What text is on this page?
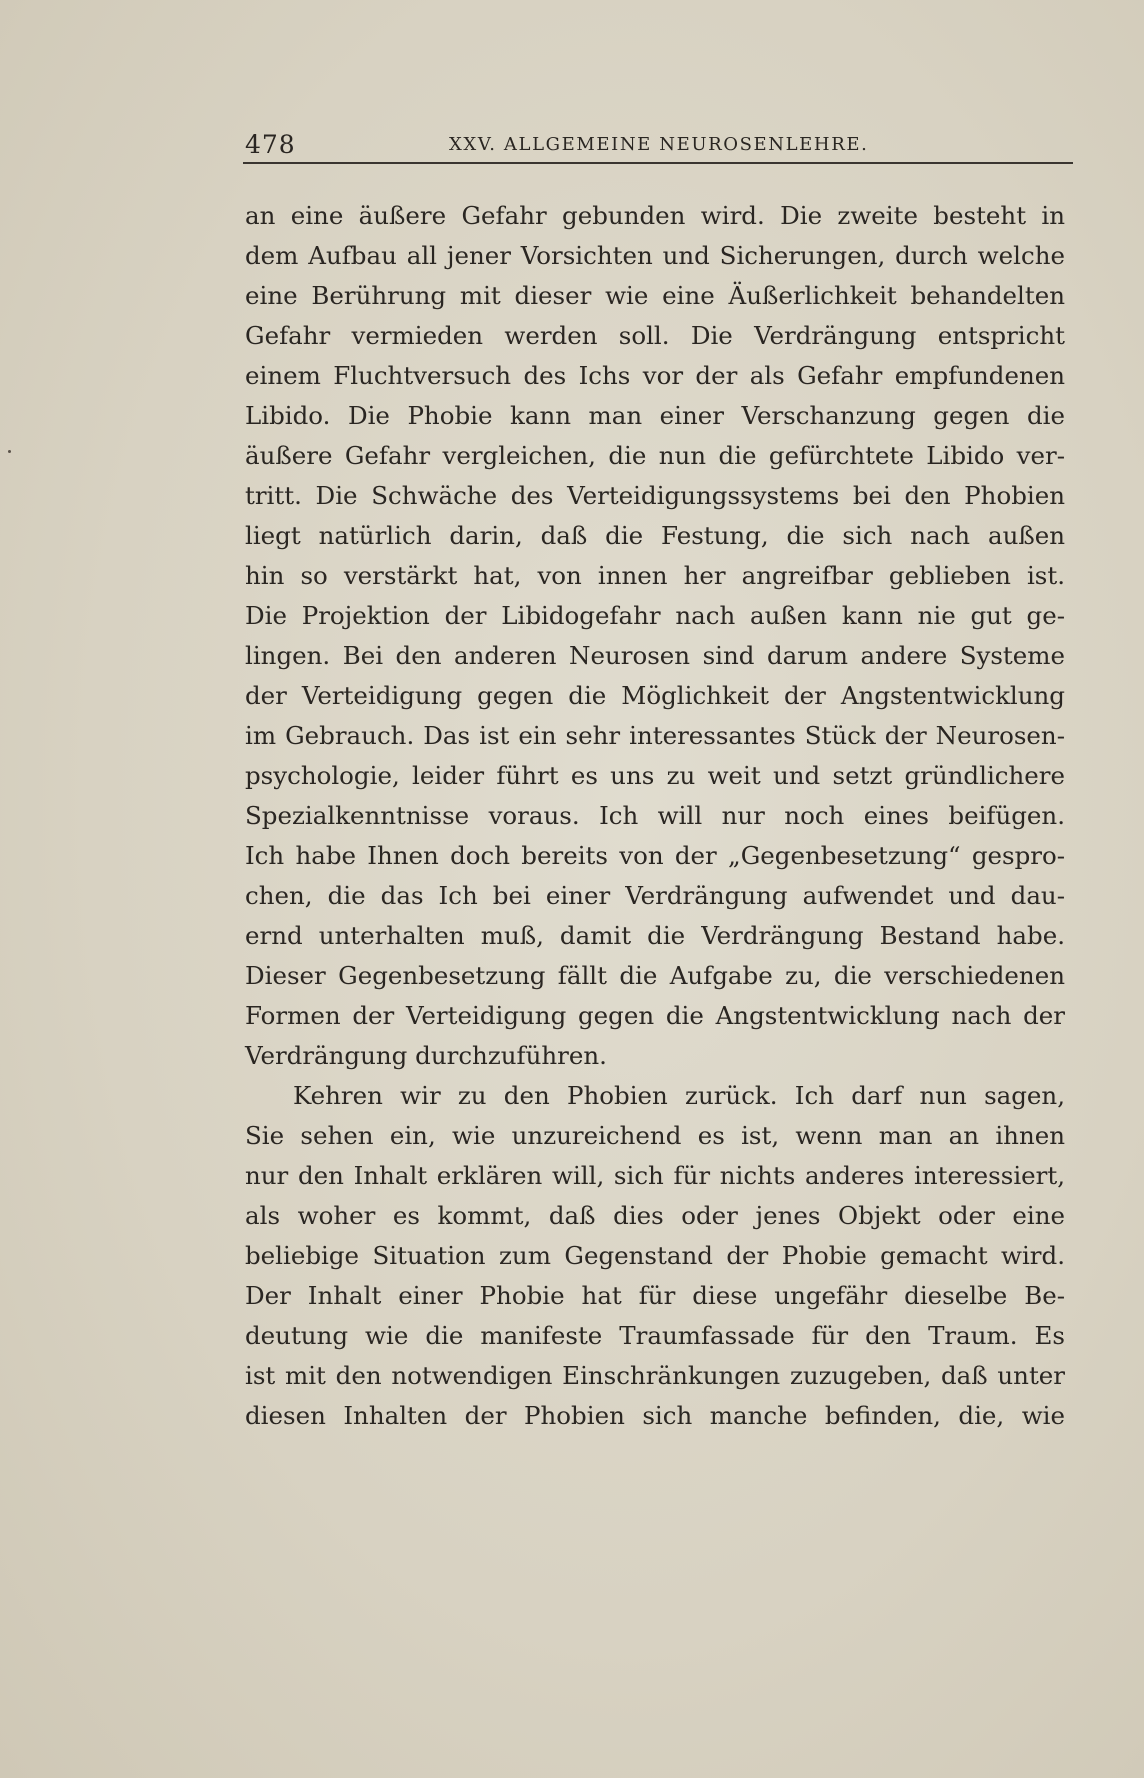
478	XXV. ALLGEMEINE NEUROSENLEHRE.
an eine äußere Gefahr gebunden wird. Die zweite besteht in
dem Aufbau all jener Vorsichten und Sicherungen, durch welche
eine Berührung mit dieser wie eine Äußerlichkeit behandelten
Gefahr vermieden werden soll. Die Verdrängung entspricht
einem Fluchtversuch des Ichs vor der als Gefahr empfundenen
Libido. Die Phobie kann man einer Verschanzung gegen die
äußere Gefahr vergleichen, die nun die gefürchtete Libido ver-
tritt. Die Schwäche des Verteidigungssystems bei den Phobien
liegt natürlich darin, daß die Festung, die sich nach außen
hin so verstärkt hat, von innen her angreifbar geblieben ist.
Die Projektion der Libidogefahr nach außen kann nie gut ge-
lingen. Bei den anderen Neurosen sind darum andere Systeme
der Verteidigung gegen die Möglichkeit der Angstentwicklung
im Gebrauch. Das ist ein sehr interessantes Stück der Neurosen-
psychologie, leider führt es uns zu weit und setzt gründlichere
Spezialkenntnisse voraus. Ich will nur noch eines beifügen.
Ich habe Ihnen doch bereits von der „Gegenbesetzung“ gespro-
chen, die das Ich bei einer Verdrängung aufwendet und dau-
ernd unterhalten muß, damit die Verdrängung Bestand habe.
Dieser Gegenbesetzung fällt die Aufgabe zu, die verschiedenen
Formen der Verteidigung gegen die Angstentwicklung nach der
Verdrängung durchzuführen.
Kehren wir zu den Phobien zurück. Ich darf nun sagen,
Sie sehen ein, wie unzureichend es ist, wenn man an ihnen
nur den Inhalt erklären will, sich für nichts anderes interessiert,
als woher es kommt, daß dies oder jenes Objekt oder eine
beliebige Situation zum Gegenstand der Phobie gemacht wird.
Der Inhalt einer Phobie hat für diese ungefähr dieselbe Be-
deutung wie die manifeste Traumfassade für den Traum. Es
ist mit den notwendigen Einschränkungen zuzugeben, daß unter
diesen Inhalten der Phobien sich manche befinden, die, wie
